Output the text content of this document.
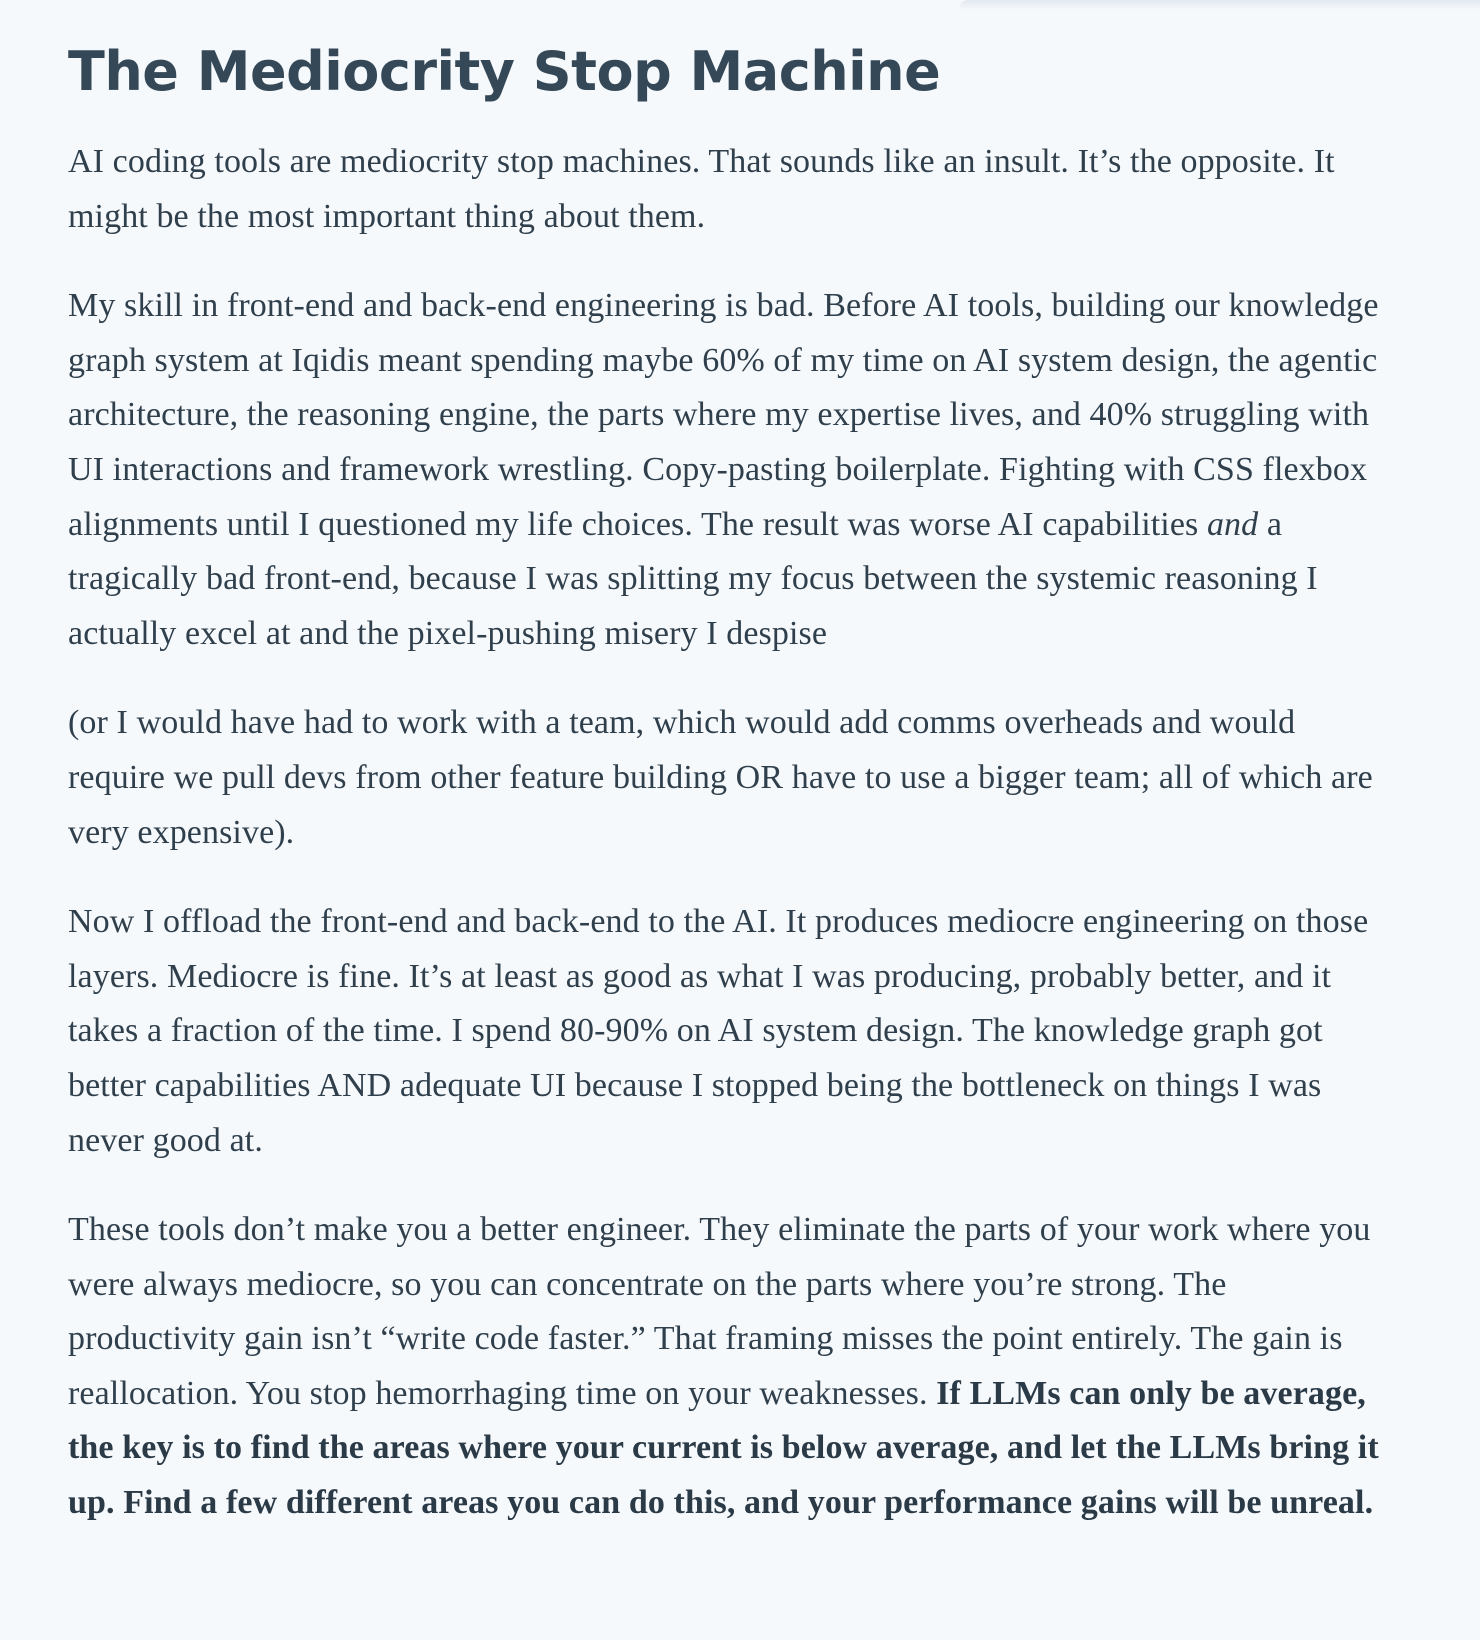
The Mediocrity Stop Machine

AI coding tools are mediocrity stop machines. That sounds like an insult. It’s the opposite. It might be the most important thing about them.

My skill in front-end and back-end engineering is bad. Before AI tools, building our knowledge graph system at Iqidis meant spending maybe 60% of my time on AI system design, the agentic architecture, the reasoning engine, the parts where my expertise lives, and 40% struggling with UI interactions and framework wrestling. Copy-pasting boilerplate. Fighting with CSS flexbox alignments until I questioned my life choices. The result was worse AI capabilities and a tragically bad front-end, because I was splitting my focus between the systemic reasoning I actually excel at and the pixel-pushing misery I despise

(or I would have had to work with a team, which would add comms overheads and would require we pull devs from other feature building OR have to use a bigger team; all of which are very expensive).

Now I offload the front-end and back-end to the AI. It produces mediocre engineering on those layers. Mediocre is fine. It’s at least as good as what I was producing, probably better, and it takes a fraction of the time. I spend 80-90% on AI system design. The knowledge graph got better capabilities AND adequate UI because I stopped being the bottleneck on things I was never good at.

These tools don’t make you a better engineer. They eliminate the parts of your work where you were always mediocre, so you can concentrate on the parts where you’re strong. The productivity gain isn’t “write code faster.” That framing misses the point entirely. The gain is reallocation. You stop hemorrhaging time on your weaknesses. If LLMs can only be average, the key is to find the areas where your current is below average, and let the LLMs bring it up. Find a few different areas you can do this, and your performance gains will be unreal.
